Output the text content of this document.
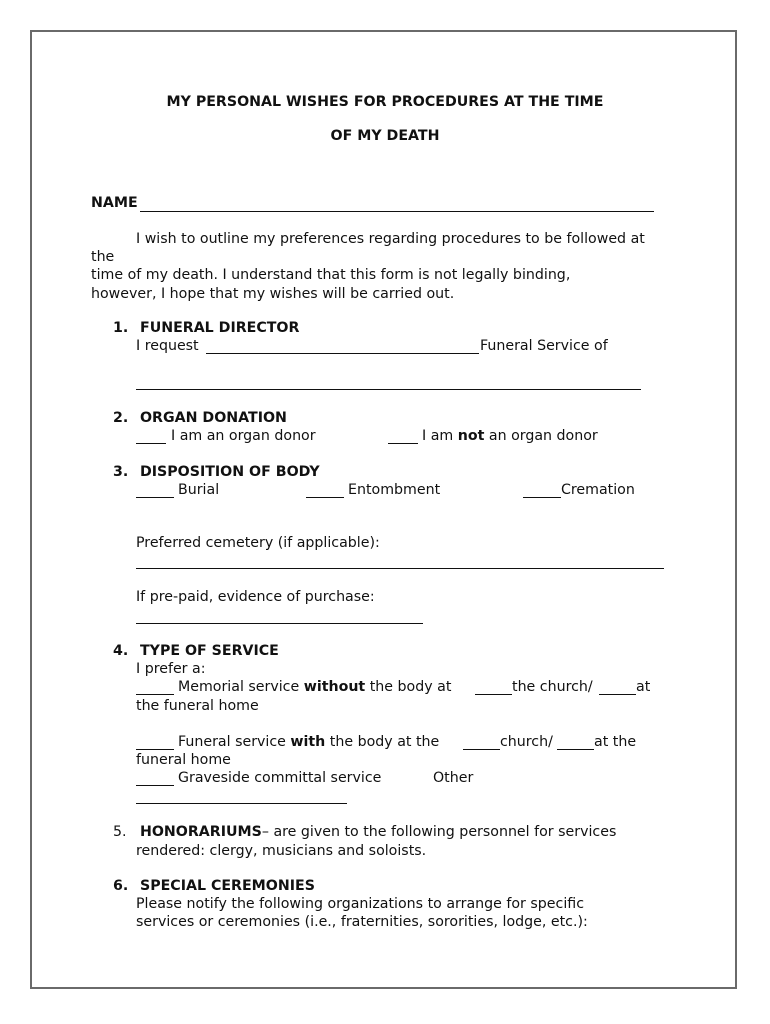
MY PERSONAL WISHES FOR PROCEDURES AT THE TIME
OF MY DEATH
NAME
I wish to outline my preferences regarding procedures to be followed at
the
time of my death. I understand that this form is not legally binding,
however, I hope that my wishes will be carried out.
1. FUNERAL DIRECTOR
I request	Funeral Service of
2. ORGAN DONATION
I am an organ donor	I am not an organ donor
3. DISPOSITION OF BODY
Burial	Entombment	Cremation
Preferred cemetery (if applicable):
If pre-paid, evidence of purchase:
4. TYPE OF SERVICE
I prefer a:
Memorial service without the body at	the church/	at
the funeral home
Funeral service with the body at the	church/	at the
funeral home
Graveside committal service	Other
5. HONORARIUMS– are given to the following personnel for services
rendered: clergy, musicians and soloists.
6. SPECIAL CEREMONIES
Please notify the following organizations to arrange for specific
services or ceremonies (i.e., fraternities, sororities, lodge, etc.):
